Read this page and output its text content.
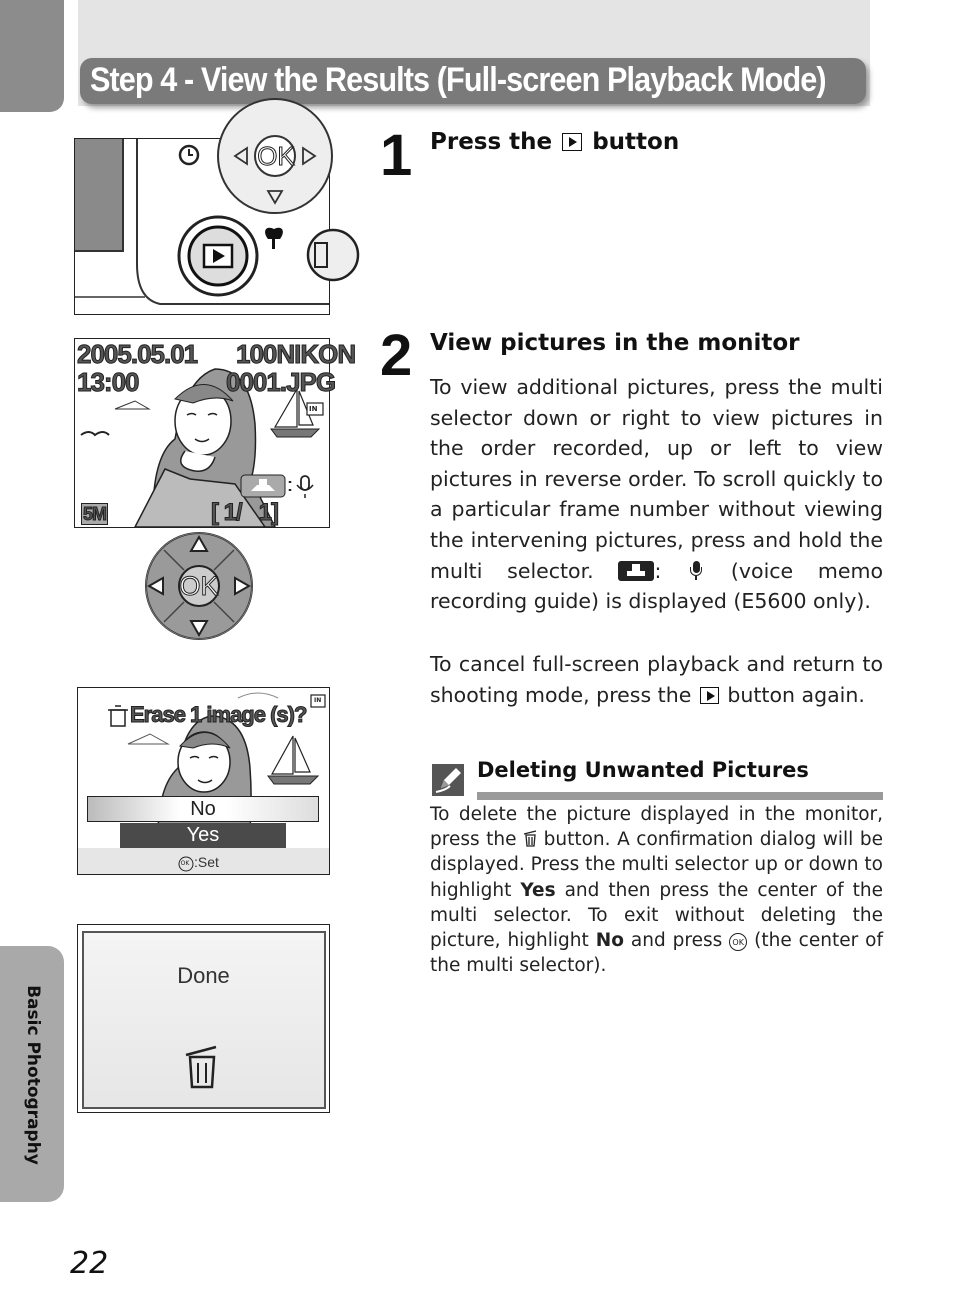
Step 4 - View the Results (Full-screen Playback Mode)
Basic Photography
22
OK
2005.05.01
13:00
100NIKON
0001.JPG
IN
5M	[ 1/   1]
OK
Erase 1 image (s)?
IN
No
Yes
OK :Set
Done
1 Press the button
2 View pictures in the monitor
To view additional pictures, press the multi selector down or right to view pictures in the order recorded, up or left to view pictures in reverse order. To scroll quickly to a particular frame number without viewing the intervening pictures, press and hold the multi selector.	:	(voice memo recording guide) is displayed (E5600 only).
To cancel full-screen playback and return to shooting mode, press the button again.
Deleting Unwanted Pictures
To delete the picture displayed in the monitor, press the button. A confirmation dialog will be displayed. Press the multi selector up or down to highlight Yes and then press the center of the multi selector. To exit without deleting the picture, highlight No and press OK (the center of the multi selector).
